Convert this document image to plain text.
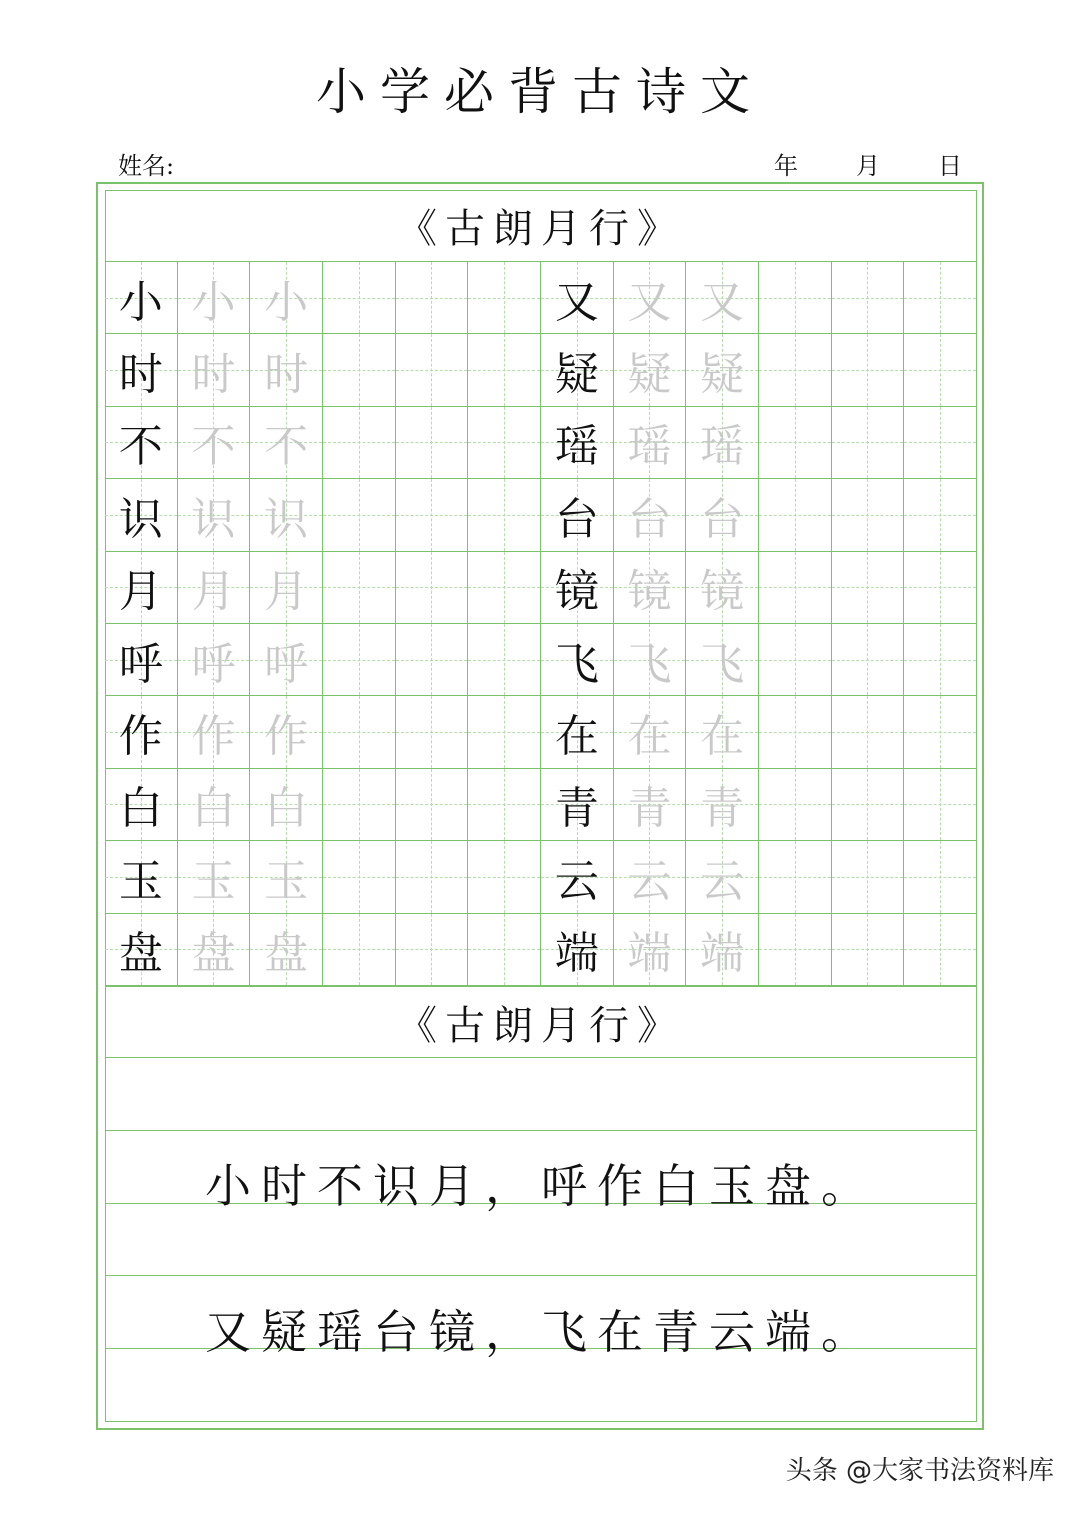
小学必背古诗文
姓名:	年 月 日
《古朗月行》
小 小 小	又 又 又
时 时 时	疑 疑 疑
不 不 不	瑶 瑶 瑶
识 识 识	台 台 台
月 月 月	镜 镜 镜
呼 呼 呼	飞 飞 飞
作 作 作	在 在 在
白 白 白	青 青 青
玉 玉 玉	云 云 云
盘 盘 盘	端 端 端
《古朗月行》
小时不识月，呼作白玉盘。
又疑瑶台镜，飞在青云端。
头条 @大家书法资料库
